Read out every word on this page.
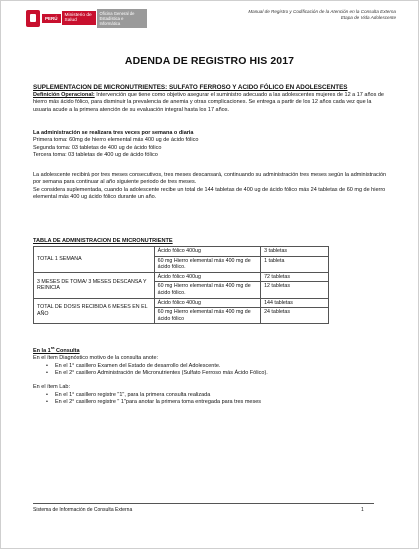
PERÚ
Ministerio de Salud
Oficina General de Estadística e Informática
Manual de Registro y Codificación de la Atención en la Consulta Externa
Etapa de Vida Adolescente
ADENDA DE REGISTRO HIS 2017
SUPLEMENTACION DE MICRONUTRIENTES: SULFATO FERROSO Y ACIDO FÓLICO EN ADOLESCENTES
Definición Operacional: Intervención que tiene como objetivo asegurar el suministro adecuado a las adolescentes mujeres de 12 a 17 años de hierro más ácido fólico, para disminuir la prevalencia de anemia y otras complicaciones. Se entrega a partir de los 12 años cada vez que la usuaria acude a la primera atención de su evaluación integral hasta los 17 años.
La administración se realizara tres veces por semana o diaria
Primera toma: 60mg de hierro elemental más 400 ug de ácido fólico
Segunda toma: 03 tabletas de 400 ug de ácido fólico
Tercera toma: 03 tabletas de 400 ug de ácido fólico
La adolescente recibirá por tres meses consecutivos, tres meses descansará, continuando su administración tres meses según la administración por semana para continuar al año siguiente periodo de tres meses.
Se considera suplementada, cuando la adolescente recibe un total de 144 tabletas de 400 ug de ácido fólico más 24 tabletas de 60 mg de hierro elemental más 400 ug ácido fólico durante un año.
TABLA DE ADMINISTRACION DE MICRONUTRIENTE
TOTAL 1 SEMANA	Ácido fólico 400ug	3 tabletas
	60 mg Hierro elemental más 400 mg de ácido fólico.	1 tableta
3 MESES DE TOMA/ 3 MESES DESCANSA Y REINICIA	Ácido fólico 400ug	72 tabletas
	60 mg Hierro elemental más 400 mg de ácido fólico.	12 tabletas
TOTAL DE DOSIS RECIBIDA 6 MESES EN EL AÑO	Ácido fólico 400ug	144 tabletas
	60 mg Hierro elemental más 400 mg de ácido fólico	24 tabletas
En la $1^{ra}$ Consulta
En el ítem Diagnóstico motivo de la consulta anote:
• En el 1° casillero Examen del Estado de desarrollo del Adolescente.
• En el 2° casillero Administración de Micronutrientes (Sulfato Ferroso más Ácido Fólico).
En el ítem Lab:
• En el 1° casillero registre "1", para la primera consulta realizada
• En el 2° casillero registre " 1"para anotar la primera toma entregada para tres meses
Sistema de Información de Consulta Externa	1
